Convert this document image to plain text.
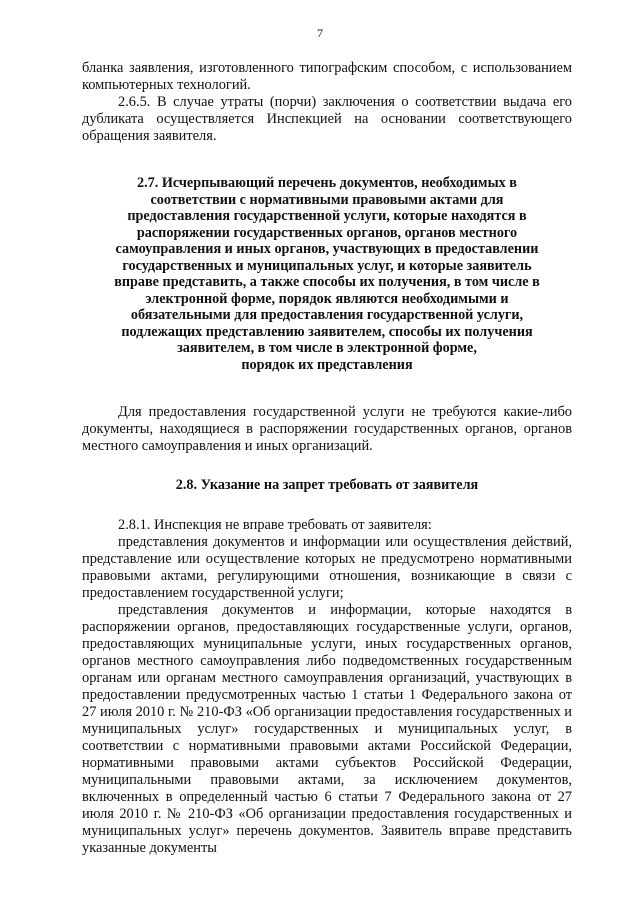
7

бланка заявления, изготовленного типографским способом, с использованием компьютерных технологий.

2.6.5. В случае утраты (порчи) заключения о соответствии выдача его дубликата осуществляется Инспекцией на основании соответствующего обращения заявителя.

2.7. Исчерпывающий перечень документов, необходимых в
соответствии с нормативными правовыми актами для
предоставления государственной услуги, которые находятся в
распоряжении государственных органов, органов местного
самоуправления и иных органов, участвующих в предоставлении
государственных и муниципальных услуг, и которые заявитель
вправе представить, а также способы их получения, в том числе в
электронной форме, порядок являются необходимыми и
обязательными для предоставления государственной услуги,
подлежащих представлению заявителем, способы их получения
заявителем, в том числе в электронной форме,
порядок их представления

Для предоставления государственной услуги не требуются какие-либо документы, находящиеся в распоряжении государственных органов, органов местного самоуправления и иных организаций.

2.8. Указание на запрет требовать от заявителя

2.8.1. Инспекция не вправе требовать от заявителя:

представления документов и информации или осуществления действий, представление или осуществление которых не предусмотрено нормативными правовыми актами, регулирующими отношения, возникающие в связи с предоставлением государственной услуги;

представления документов и информации, которые находятся в распоряжении органов, предоставляющих государственные услуги, органов, предоставляющих муниципальные услуги, иных государственных органов, органов местного самоуправления либо подведомственных государственным органам или органам местного самоуправления организаций, участвующих в предоставлении предусмотренных частью 1 статьи 1 Федерального закона от 27 июля 2010 г. № 210-ФЗ «Об организации предоставления государственных и муниципальных услуг» государственных и муниципальных услуг, в соответствии с нормативными правовыми актами Российской Федерации, нормативными правовыми актами субъектов Российской Федерации, муниципальными правовыми актами, за исключением документов, включенных в определенный частью 6 статьи 7 Федерального закона от 27 июля 2010 г. № 210-ФЗ «Об организации предоставления государственных и муниципальных услуг» перечень документов. Заявитель вправе представить указанные документы
